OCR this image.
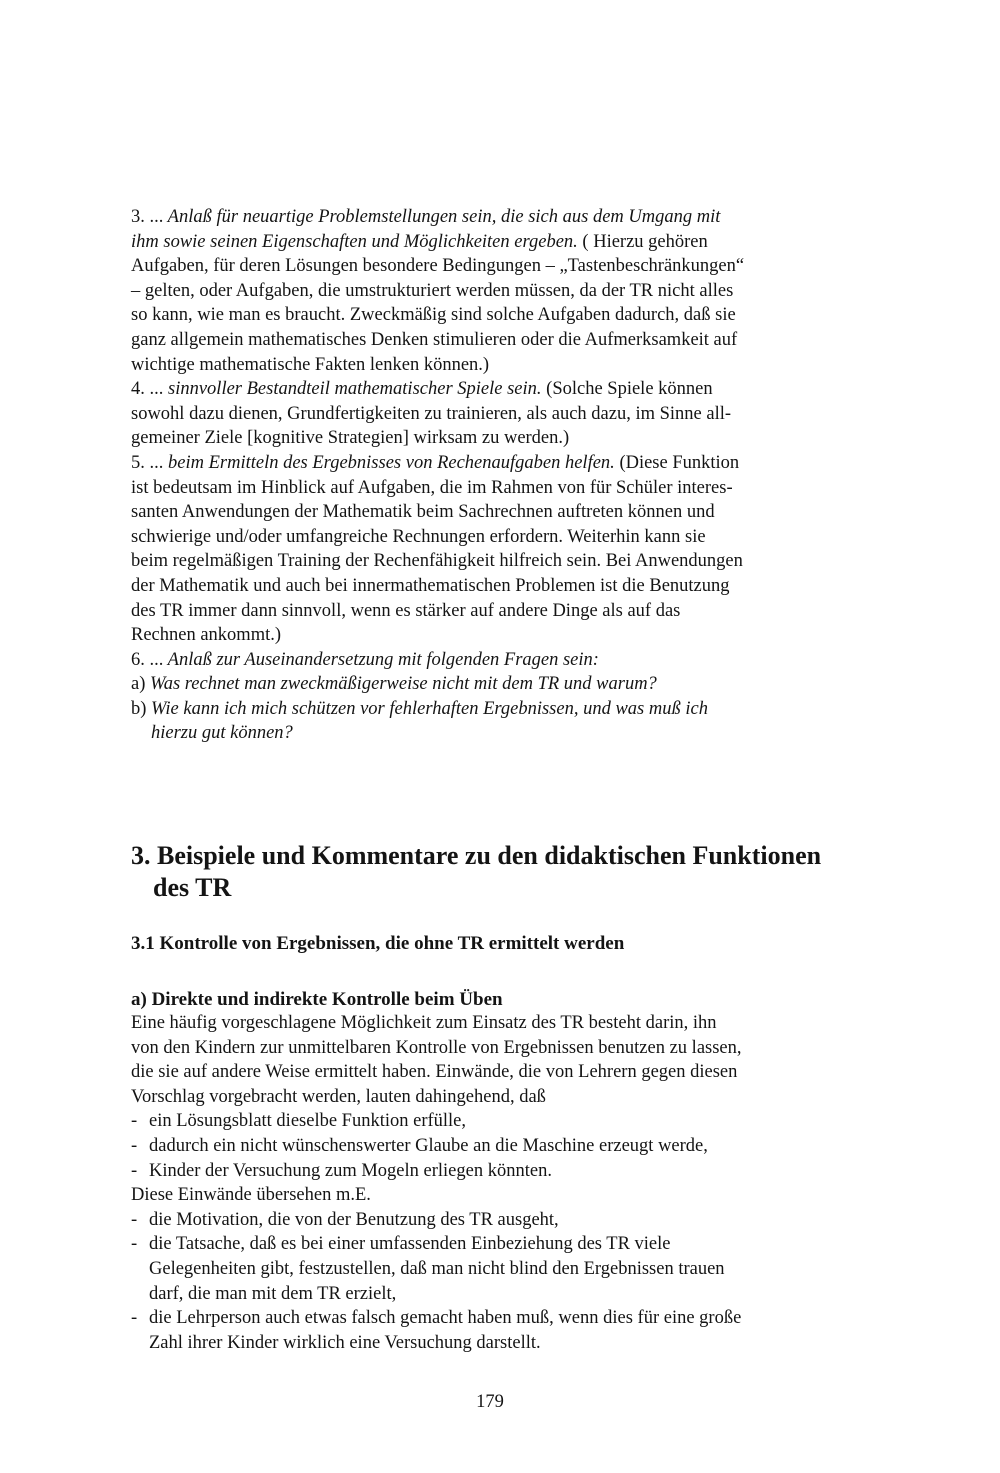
3. ... Anlaß für neuartige Problemstellungen sein, die sich aus dem Umgang mit
ihm sowie seinen Eigenschaften und Möglichkeiten ergeben. ( Hierzu gehören
Aufgaben, für deren Lösungen besondere Bedingungen – „Tastenbeschränkungen“
– gelten, oder Aufgaben, die umstrukturiert werden müssen, da der TR nicht alles
so kann, wie man es braucht. Zweckmäßig sind solche Aufgaben dadurch, daß sie
ganz allgemein mathematisches Denken stimulieren oder die Aufmerksamkeit auf
wichtige mathematische Fakten lenken können.)
4. ... sinnvoller Bestandteil mathematischer Spiele sein. (Solche Spiele können
sowohl dazu dienen, Grundfertigkeiten zu trainieren, als auch dazu, im Sinne all-
gemeiner Ziele [kognitive Strategien] wirksam zu werden.)
5. ... beim Ermitteln des Ergebnisses von Rechenaufgaben helfen. (Diese Funktion
ist bedeutsam im Hinblick auf Aufgaben, die im Rahmen von für Schüler interes-
santen Anwendungen der Mathematik beim Sachrechnen auftreten können und
schwierige und/oder umfangreiche Rechnungen erfordern. Weiterhin kann sie
beim regelmäßigen Training der Rechenfähigkeit hilfreich sein. Bei Anwendungen
der Mathematik und auch bei innermathematischen Problemen ist die Benutzung
des TR immer dann sinnvoll, wenn es stärker auf andere Dinge als auf das
Rechnen ankommt.)
6. ... Anlaß zur Auseinandersetzung mit folgenden Fragen sein:
a) Was rechnet man zweckmäßigerweise nicht mit dem TR und warum?
b) Wie kann ich mich schützen vor fehlerhaften Ergebnissen, und was muß ich
hierzu gut können?
3. Beispiele und Kommentare zu den didaktischen Funktionen
des TR
3.1 Kontrolle von Ergebnissen, die ohne TR ermittelt werden
a) Direkte und indirekte Kontrolle beim Üben
Eine häufig vorgeschlagene Möglichkeit zum Einsatz des TR besteht darin, ihn
von den Kindern zur unmittelbaren Kontrolle von Ergebnissen benutzen zu lassen,
die sie auf andere Weise ermittelt haben. Einwände, die von Lehrern gegen diesen
Vorschlag vorgebracht werden, lauten dahingehend, daß
- ein Lösungsblatt dieselbe Funktion erfülle,
- dadurch ein nicht wünschenswerter Glaube an die Maschine erzeugt werde,
- Kinder der Versuchung zum Mogeln erliegen könnten.
Diese Einwände übersehen m.E.
- die Motivation, die von der Benutzung des TR ausgeht,
- die Tatsache, daß es bei einer umfassenden Einbeziehung des TR viele
Gelegenheiten gibt, festzustellen, daß man nicht blind den Ergebnissen trauen
darf, die man mit dem TR erzielt,
- die Lehrperson auch etwas falsch gemacht haben muß, wenn dies für eine große
Zahl ihrer Kinder wirklich eine Versuchung darstellt.
179
